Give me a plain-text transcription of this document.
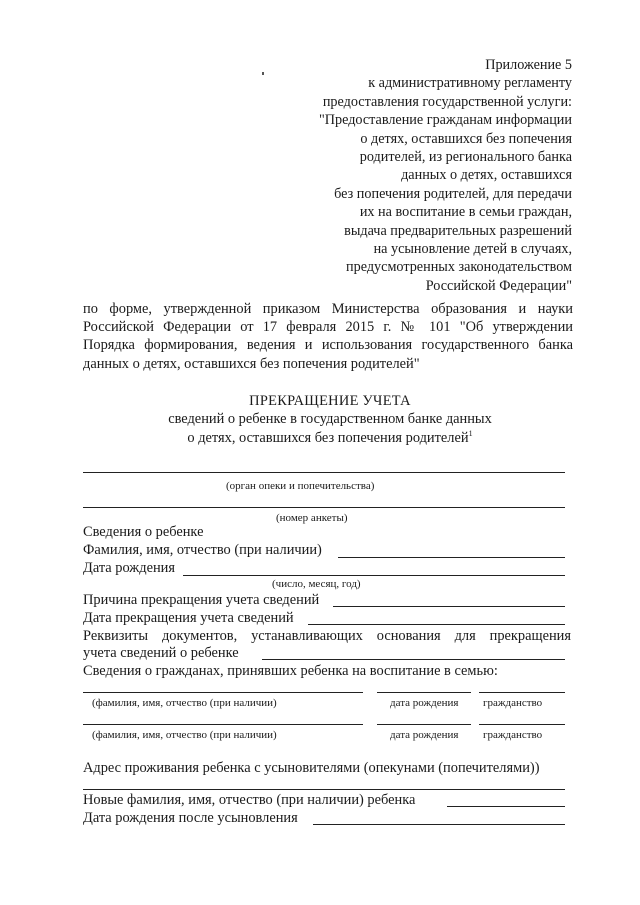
Приложение 5
к административному регламенту
предоставления государственной услуги:
"Предоставление гражданам информации
о детях, оставшихся без попечения
родителей, из регионального банка
данных о детях, оставшихся
без попечения родителей, для передачи
их на воспитание в семьи граждан,
выдача предварительных разрешений
на усыновление детей в случаях,
предусмотренных законодательством
Российской Федерации"
по форме, утвержденной приказом Министерства образования и науки
Российской Федерации от 17 февраля 2015 г. № 101 "Об утверждении
Порядка формирования, ведения и использования государственного банка
данных о детях, оставшихся без попечения родителей"
ПРЕКРАЩЕНИЕ УЧЕТА
сведений о ребенке в государственном банке данных
о детях, оставшихся без попечения родителей$^1$
(орган опеки и попечительства)
(номер анкеты)
Сведения о ребенке
Фамилия, имя, отчество (при наличии)
Дата рождения
(число, месяц, год)
Причина прекращения учета сведений
Дата прекращения учета сведений
Реквизиты документов, устанавливающих основания для прекращения
учета сведений о ребенке
Сведения о гражданах, принявших ребенка на воспитание в семью:
(фамилия, имя, отчество (при наличии)	дата рождения гражданство
(фамилия, имя, отчество (при наличии)	дата рождения гражданство
Адрес проживания ребенка с усыновителями (опекунами (попечителями))
Новые фамилия, имя, отчество (при наличии) ребенка
Дата рождения после усыновления
